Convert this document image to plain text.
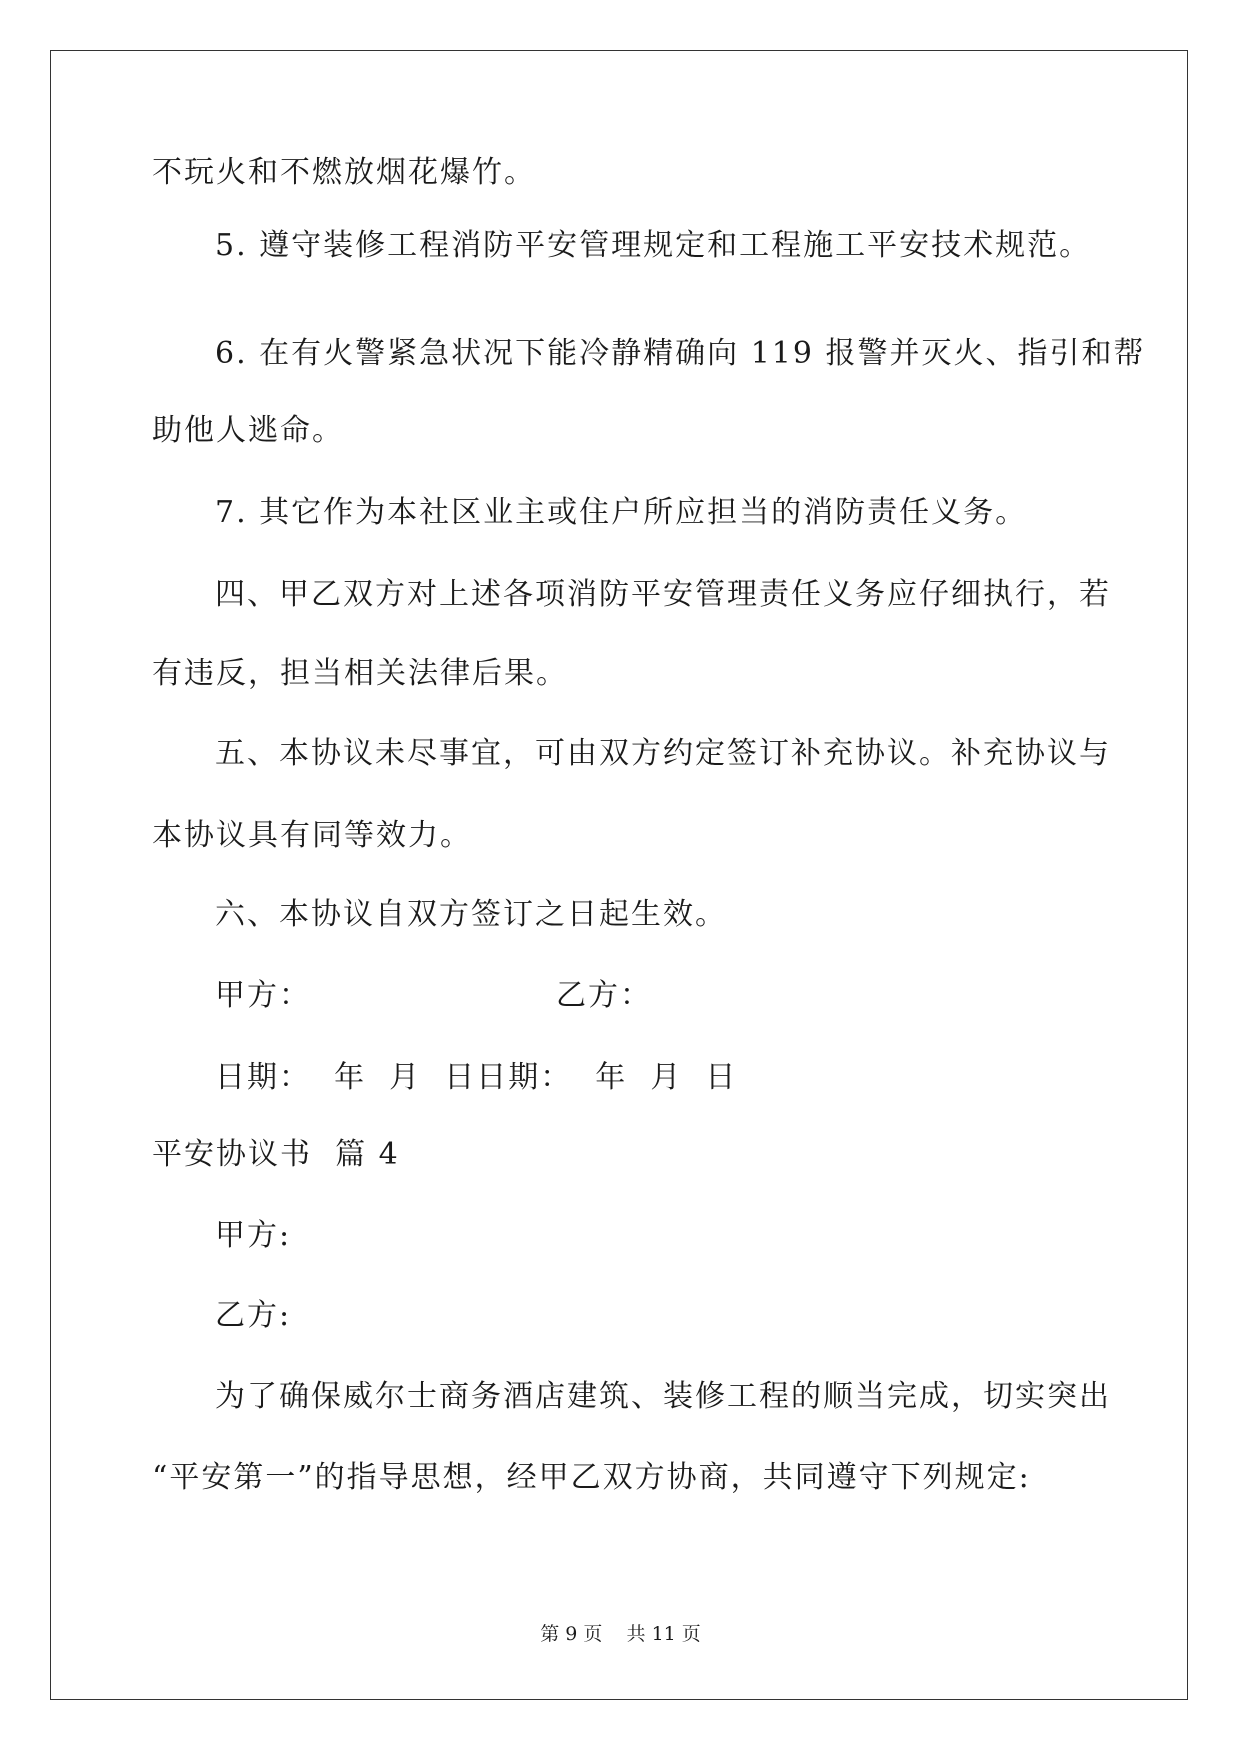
不玩火和不燃放烟花爆竹。
5. 遵守装修工程消防平安管理规定和工程施工平安技术规范。
6. 在有火警紧急状况下能冷静精确向 119 报警并灭火、指引和帮
助他人逃命。
7. 其它作为本社区业主或住户所应担当的消防责任义务。
四、甲乙双方对上述各项消防平安管理责任义务应仔细执行，若
有违反，担当相关法律后果。
五、本协议未尽事宜，可由双方约定签订补充协议。补充协议与
本协议具有同等效力。
六、本协议自双方签订之日起生效。
甲方：	乙方：
日期：  年  月  日日期：  年  月  日
平安协议书  篇 4
甲方:
乙方:
为了确保威尔士商务酒店建筑、装修工程的顺当完成，切实突出
“平安第一”的指导思想，经甲乙双方协商，共同遵守下列规定:
第 9 页    共 11 页
